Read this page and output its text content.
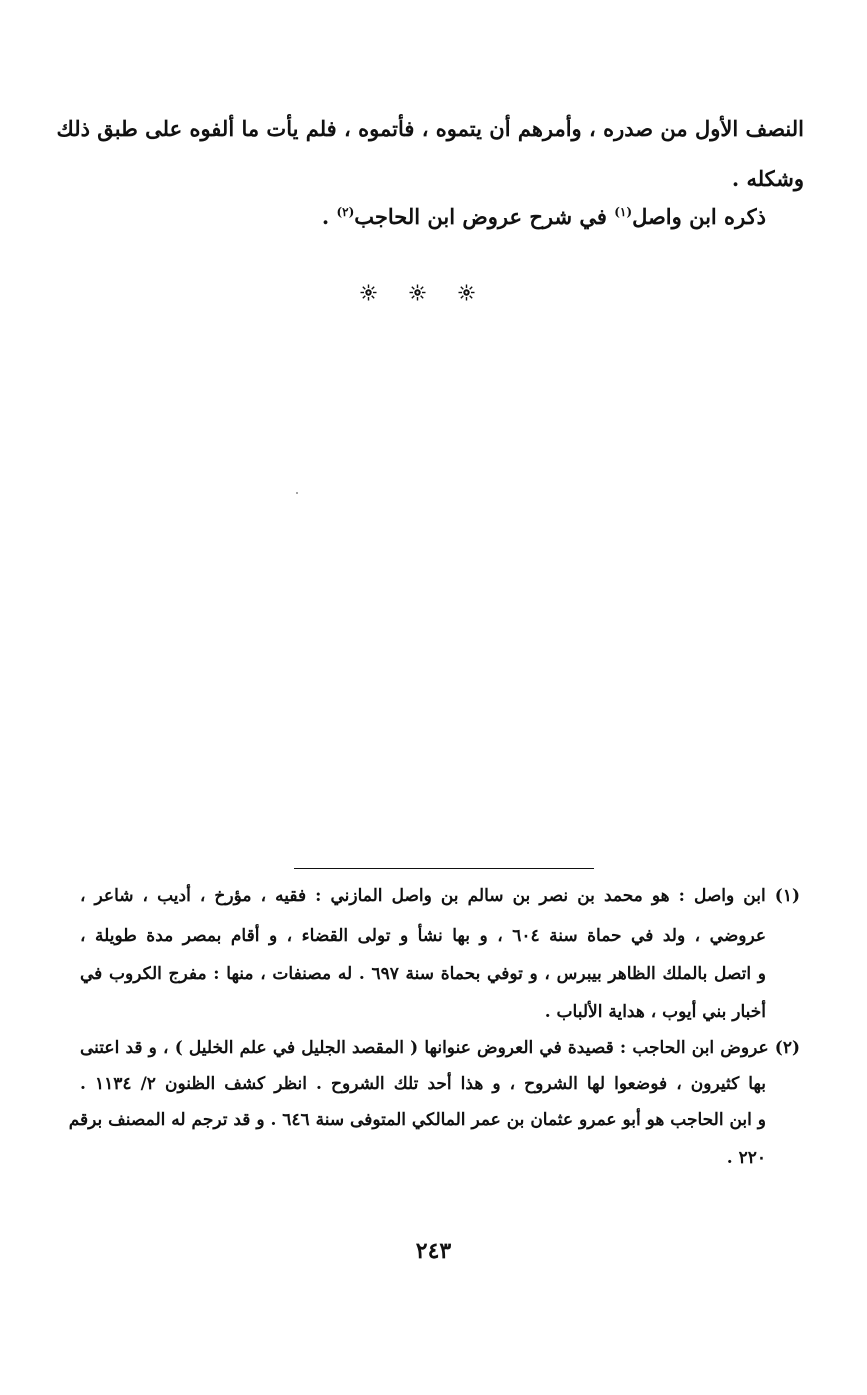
النصف الأول من صدره ، وأمرهم أن يتموه ، فأتموه ، فلم يأت ما ألفوه على طبق ذلك
وشكله .
ذكره ابن واصل$^{(١)}$ في شرح عروض ابن الحاجب$^{(٢)}$ .
(١) ابن واصل : هو محمد بن نصر بن سالم بن واصل المازني : فقيه ، مؤرخ ، أديب ، شاعر ،
عروضي ، ولد في حماة سنة ٦٠٤ ، و بها نشأ و تولى القضاء ، و أقام بمصر مدة طويلة ،
و اتصل بالملك الظاهر بيبرس ، و توفي بحماة سنة ٦٩٧ . له مصنفات ، منها : مفرج الكروب في
أخبار بني أيوب ، هداية الألباب .
(٢) عروض ابن الحاجب : قصيدة في العروض عنوانها ( المقصد الجليل في علم الخليل ) ، و قد اعتنى
بها كثيرون ، فوضعوا لها الشروح ، و هذا أحد تلك الشروح . انظر كشف الظنون ٢/ ١١٣٤ .
و ابن الحاجب هو أبو عمرو عثمان بن عمر المالكي المتوفى سنة ٦٤٦ . و قد ترجم له المصنف برقم
٢٢٠ .
٢٤٣
